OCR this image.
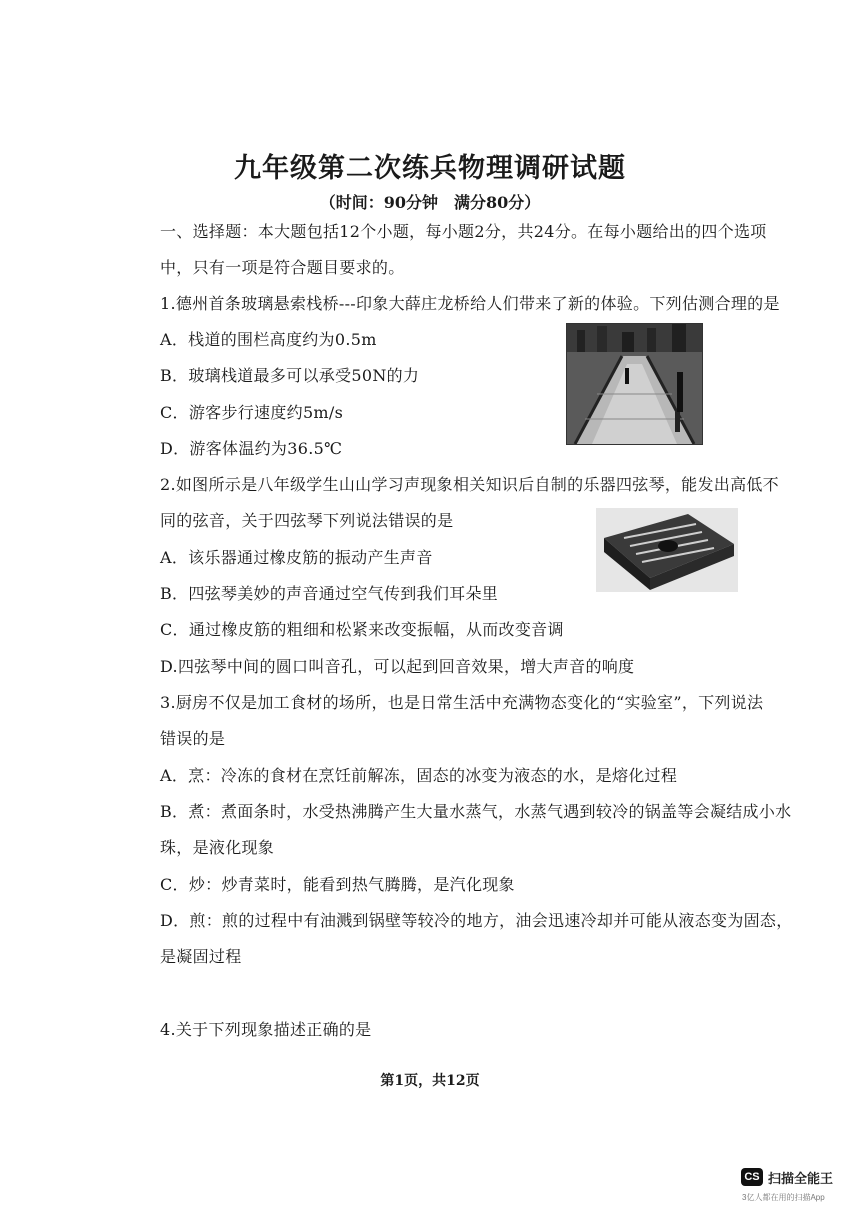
九年级第二次练兵物理调研试题
（时间：90分钟　满分80分）
一、选择题：本大题包括12个小题，每小题2分，共24分。在每小题给出的四个选项
中，只有一项是符合题目要求的。
1.德州首条玻璃悬索栈桥---印象大薛庄龙桥给人们带来了新的体验。下列估测合理的是
A．栈道的围栏高度约为0.5m
B．玻璃栈道最多可以承受50N的力
C．游客步行速度约5m/s
D．游客体温约为36.5℃
2.如图所示是八年级学生山山学习声现象相关知识后自制的乐器四弦琴，能发出高低不
同的弦音，关于四弦琴下列说法错误的是
A．该乐器通过橡皮筋的振动产生声音
B．四弦琴美妙的声音通过空气传到我们耳朵里
C．通过橡皮筋的粗细和松紧来改变振幅，从而改变音调
D.四弦琴中间的圆口叫音孔，可以起到回音效果，增大声音的响度
3.厨房不仅是加工食材的场所，也是日常生活中充满物态变化的“实验室”，下列说法
错误的是
A．烹：冷冻的食材在烹饪前解冻，固态的冰变为液态的水，是熔化过程
B．煮：煮面条时，水受热沸腾产生大量水蒸气，水蒸气遇到较冷的锅盖等会凝结成小水
珠，是液化现象
C．炒：炒青菜时，能看到热气腾腾，是汽化现象
D．煎：煎的过程中有油溅到锅壁等较冷的地方，油会迅速冷却并可能从液态变为固态，
是凝固过程
4.关于下列现象描述正确的是
第1页，共12页
CS 扫描全能王
3亿人都在用的扫描App
